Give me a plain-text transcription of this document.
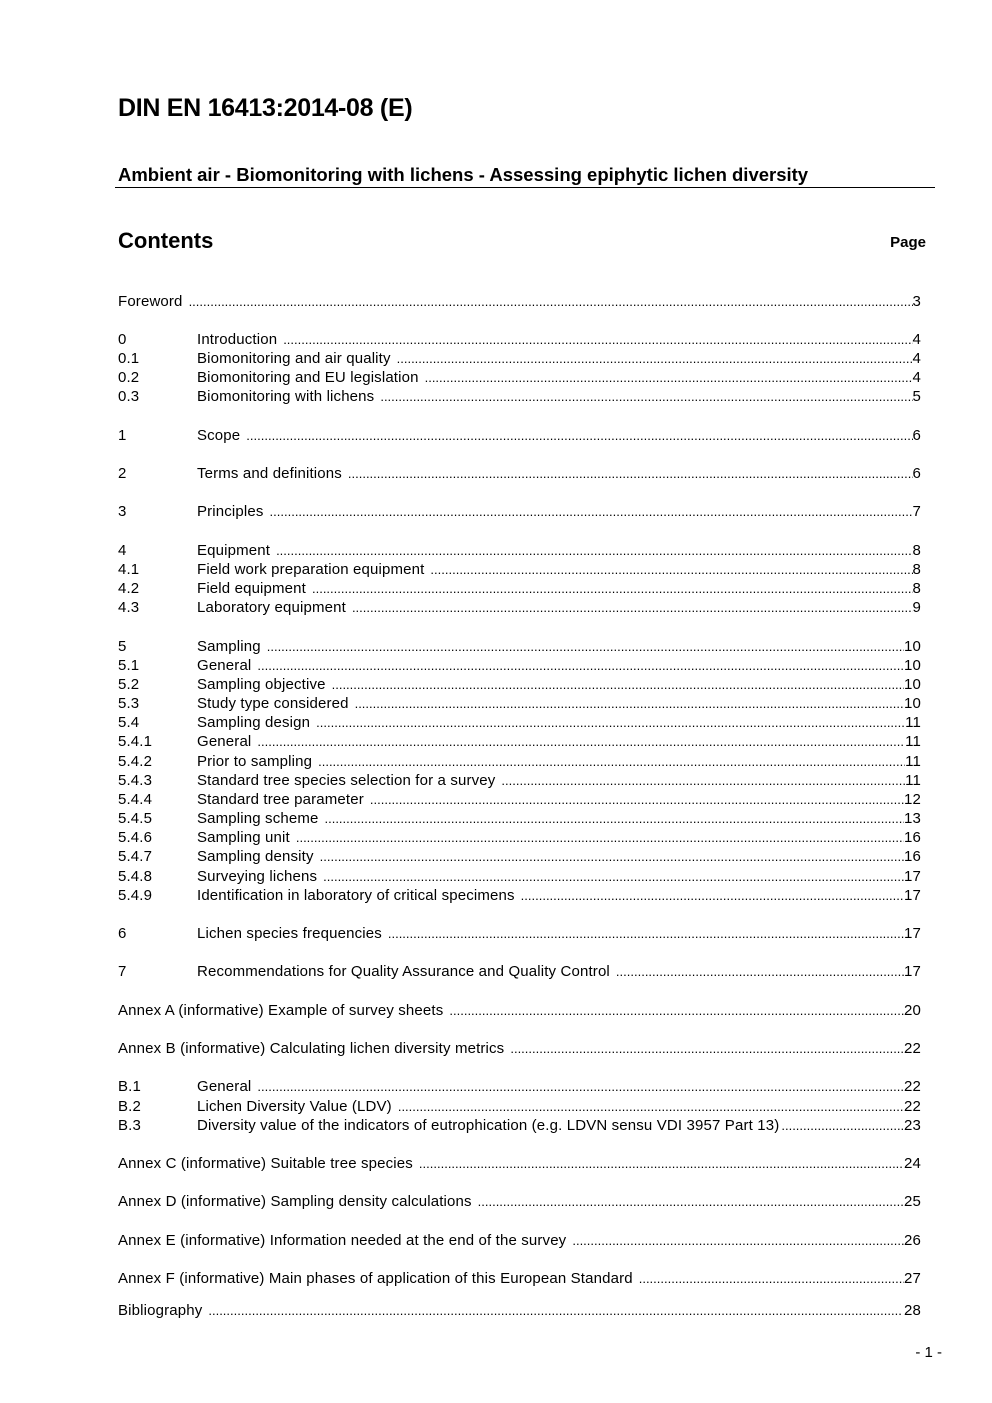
DIN EN 16413:2014-08 (E)
Ambient air - Biomonitoring with lichens - Assessing epiphytic lichen diversity
Contents	Page
Foreword .....	3
0	Introduction .....	4
0.1	Biomonitoring and air quality .....	4
0.2	Biomonitoring and EU legislation .....	4
0.3	Biomonitoring with lichens .....	5
1	Scope .....	6
2	Terms and definitions .....	6
3	Principles .....	7
4	Equipment .....	8
4.1	Field work preparation equipment .....	8
4.2	Field equipment .....	8
4.3	Laboratory equipment .....	9
5	Sampling .....	10
5.1	General .....	10
5.2	Sampling objective .....	10
5.3	Study type considered .....	10
5.4	Sampling design .....	11
5.4.1	General .....	11
5.4.2	Prior to sampling .....	11
5.4.3	Standard tree species selection for a survey .....	11
5.4.4	Standard tree parameter .....	12
5.4.5	Sampling scheme .....	13
5.4.6	Sampling unit .....	16
5.4.7	Sampling density .....	16
5.4.8	Surveying lichens .....	17
5.4.9	Identification in laboratory of critical specimens .....	17
6	Lichen species frequencies .....	17
7	Recommendations for Quality Assurance and Quality Control .....	17
Annex A (informative) Example of survey sheets .....	20
Annex B (informative) Calculating lichen diversity metrics .....	22
B.1	General .....	22
B.2	Lichen Diversity Value (LDV) .....	22
B.3	Diversity value of the indicators of eutrophication (e.g. LDVN sensu VDI 3957 Part 13) .....	23
Annex C (informative) Suitable tree species .....	24
Annex D (informative) Sampling density calculations .....	25
Annex E (informative) Information needed at the end of the survey .....	26
Annex F (informative) Main phases of application of this European Standard .....	27
Bibliography .....	28
- 1 -
